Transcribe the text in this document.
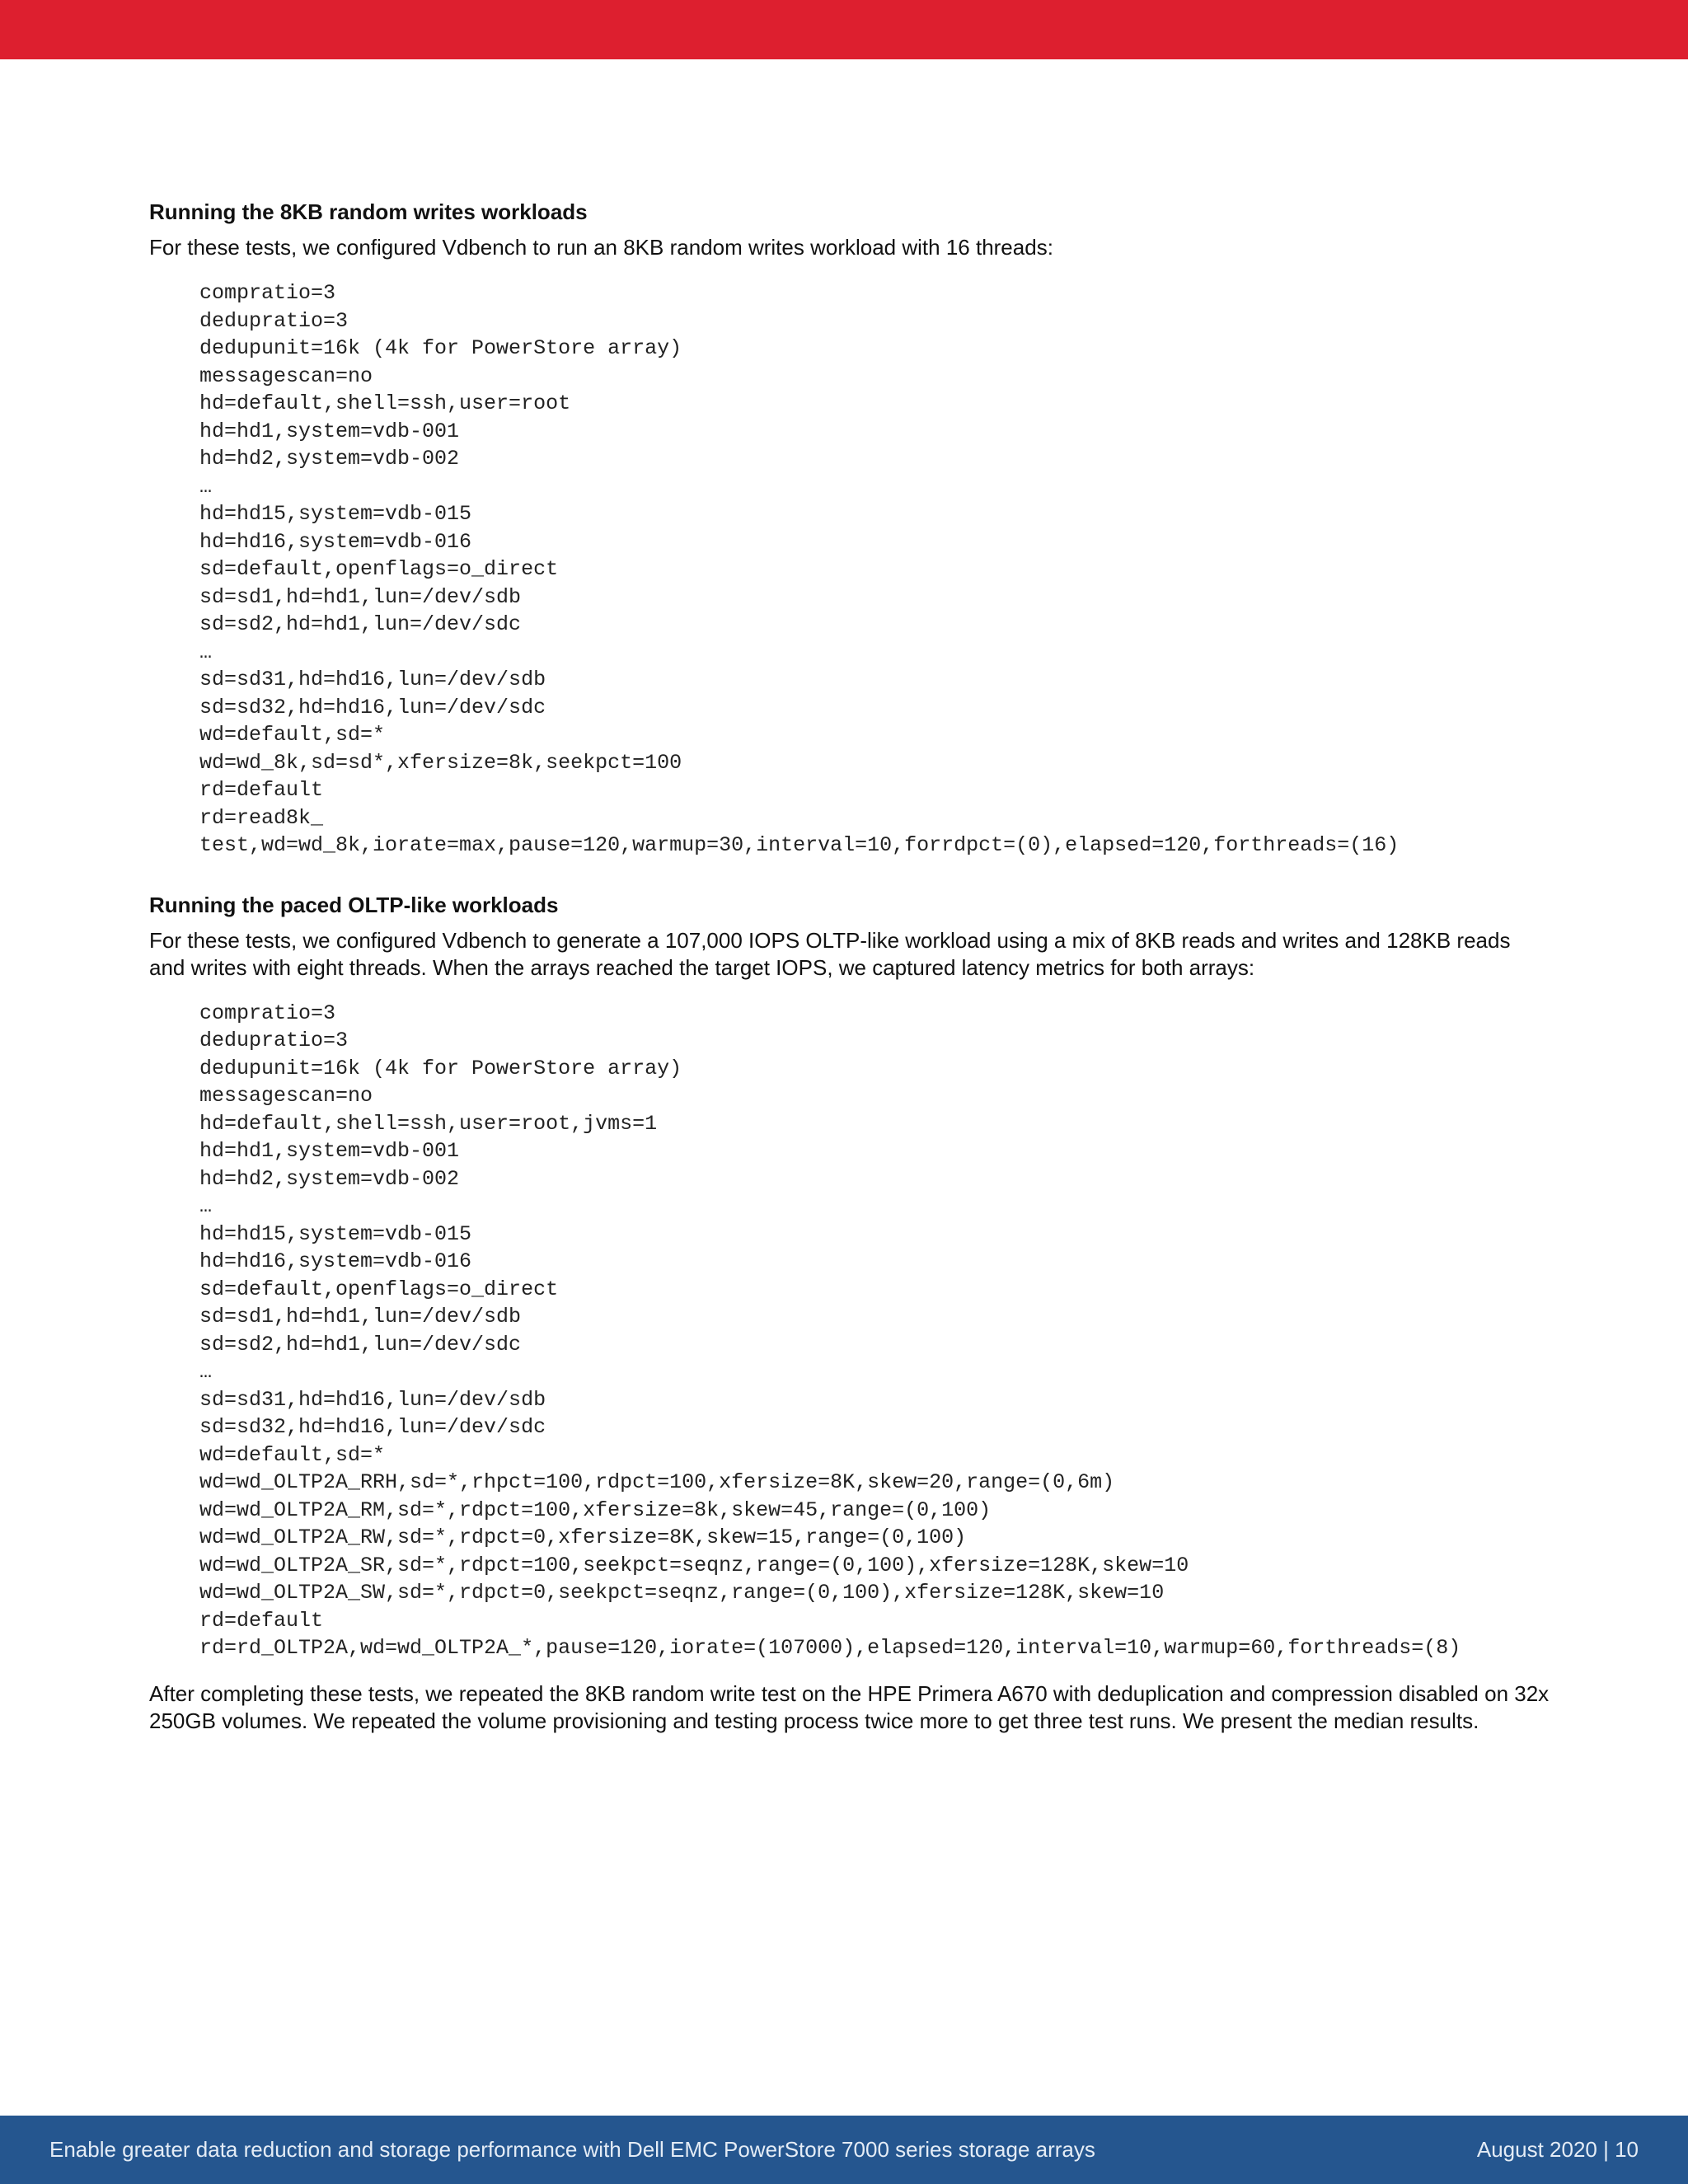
Running the 8KB random writes workloads

For these tests, we configured Vdbench to run an 8KB random writes workload with 16 threads:

compratio=3
dedupratio=3
dedupunit=16k (4k for PowerStore array)
messagescan=no
hd=default,shell=ssh,user=root
hd=hd1,system=vdb-001
hd=hd2,system=vdb-002
…
hd=hd15,system=vdb-015
hd=hd16,system=vdb-016
sd=default,openflags=o_direct
sd=sd1,hd=hd1,lun=/dev/sdb
sd=sd2,hd=hd1,lun=/dev/sdc
…
sd=sd31,hd=hd16,lun=/dev/sdb
sd=sd32,hd=hd16,lun=/dev/sdc
wd=default,sd=*
wd=wd_8k,sd=sd*,xfersize=8k,seekpct=100
rd=default
rd=read8k_
test,wd=wd_8k,iorate=max,pause=120,warmup=30,interval=10,forrdpct=(0),elapsed=120,forthreads=(16)
Running the paced OLTP-like workloads

For these tests, we configured Vdbench to generate a 107,000 IOPS OLTP-like workload using a mix of 8KB reads and writes and 128KB reads and writes with eight threads. When the arrays reached the target IOPS, we captured latency metrics for both arrays:

compratio=3
dedupratio=3
dedupunit=16k (4k for PowerStore array)
messagescan=no
hd=default,shell=ssh,user=root,jvms=1
hd=hd1,system=vdb-001
hd=hd2,system=vdb-002
…
hd=hd15,system=vdb-015
hd=hd16,system=vdb-016
sd=default,openflags=o_direct
sd=sd1,hd=hd1,lun=/dev/sdb
sd=sd2,hd=hd1,lun=/dev/sdc
…
sd=sd31,hd=hd16,lun=/dev/sdb
sd=sd32,hd=hd16,lun=/dev/sdc
wd=default,sd=*
wd=wd_OLTP2A_RRH,sd=*,rhpct=100,rdpct=100,xfersize=8K,skew=20,range=(0,6m)
wd=wd_OLTP2A_RM,sd=*,rdpct=100,xfersize=8k,skew=45,range=(0,100)
wd=wd_OLTP2A_RW,sd=*,rdpct=0,xfersize=8K,skew=15,range=(0,100)
wd=wd_OLTP2A_SR,sd=*,rdpct=100,seekpct=seqnz,range=(0,100),xfersize=128K,skew=10
wd=wd_OLTP2A_SW,sd=*,rdpct=0,seekpct=seqnz,range=(0,100),xfersize=128K,skew=10
rd=default
rd=rd_OLTP2A,wd=wd_OLTP2A_*,pause=120,iorate=(107000),elapsed=120,interval=10,warmup=60,forthreads=(8)

After completing these tests, we repeated the 8KB random write test on the HPE Primera A670 with deduplication and compression disabled on 32x 250GB volumes. We repeated the volume provisioning and testing process twice more to get three test runs. We present the median results.

Enable greater data reduction and storage performance with Dell EMC PowerStore 7000 series storage arrays	August 2020 | 10
